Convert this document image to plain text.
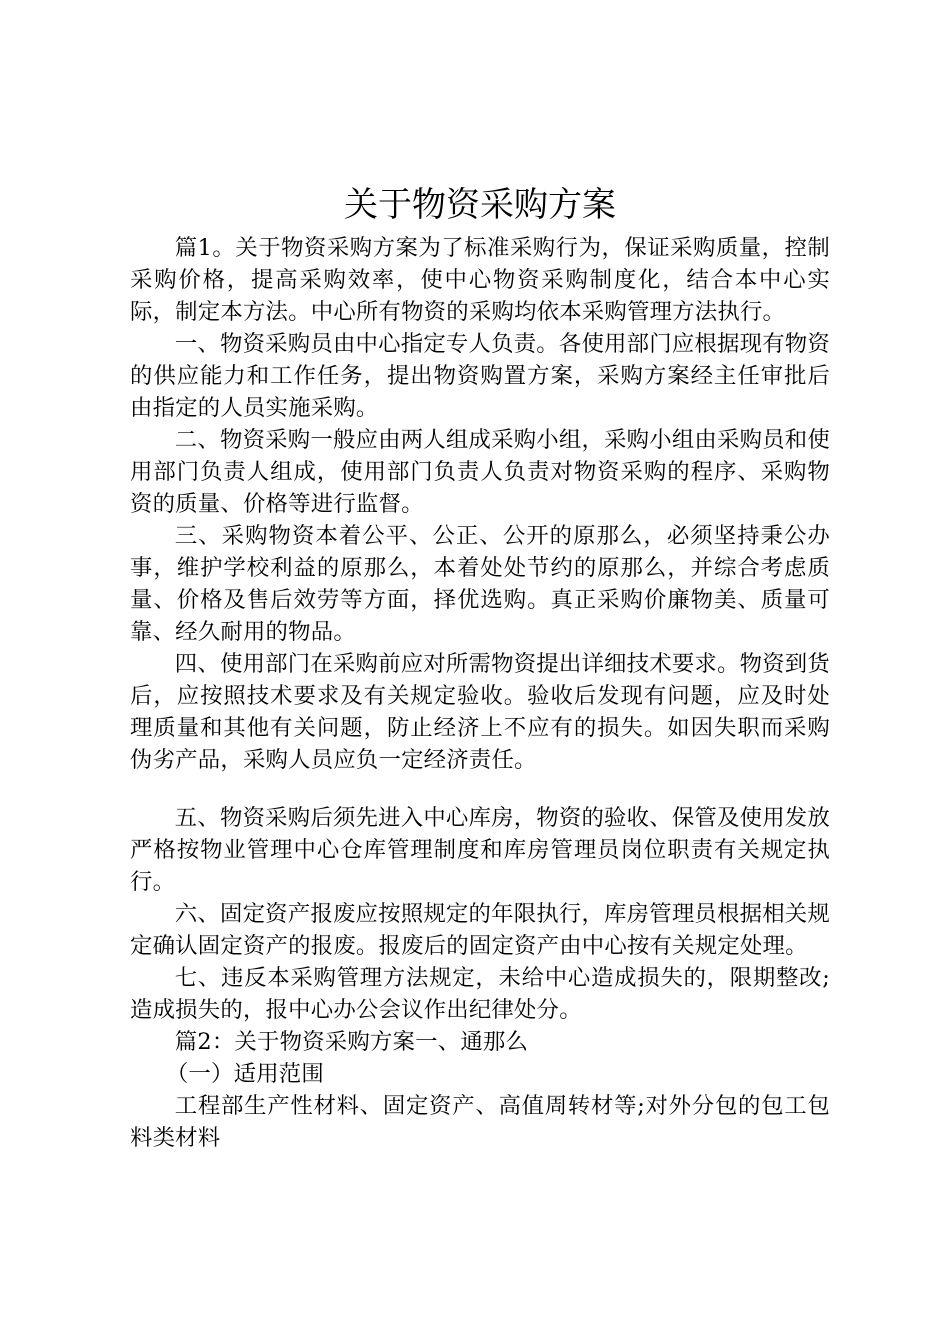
关于物资采购方案

篇1。关于物资采购方案为了标准采购行为，保证采购质量，控制采购价格，提高采购效率，使中心物资采购制度化，结合本中心实际，制定本方法。中心所有物资的采购均依本采购管理方法执行。

一、物资采购员由中心指定专人负责。各使用部门应根据现有物资的供应能力和工作任务，提出物资购置方案，采购方案经主任审批后由指定的人员实施采购。

二、物资采购一般应由两人组成采购小组，采购小组由采购员和使用部门负责人组成，使用部门负责人负责对物资采购的程序、采购物资的质量、价格等进行监督。

三、采购物资本着公平、公正、公开的原那么，必须坚持秉公办事，维护学校利益的原那么，本着处处节约的原那么，并综合考虑质量、价格及售后效劳等方面，择优选购。真正采购价廉物美、质量可靠、经久耐用的物品。

四、使用部门在采购前应对所需物资提出详细技术要求。物资到货后，应按照技术要求及有关规定验收。验收后发现有问题，应及时处理质量和其他有关问题，防止经济上不应有的损失。如因失职而采购伪劣产品，采购人员应负一定经济责任。

五、物资采购后须先进入中心库房，物资的验收、保管及使用发放严格按物业管理中心仓库管理制度和库房管理员岗位职责有关规定执行。

六、固定资产报废应按照规定的年限执行，库房管理员根据相关规定确认固定资产的报废。报废后的固定资产由中心按有关规定处理。

七、违反本采购管理方法规定，未给中心造成损失的，限期整改;造成损失的，报中心办公会议作出纪律处分。

篇2：关于物资采购方案一、通那么

（一）适用范围

工程部生产性材料、固定资产、高值周转材等;对外分包的包工包料类材料
